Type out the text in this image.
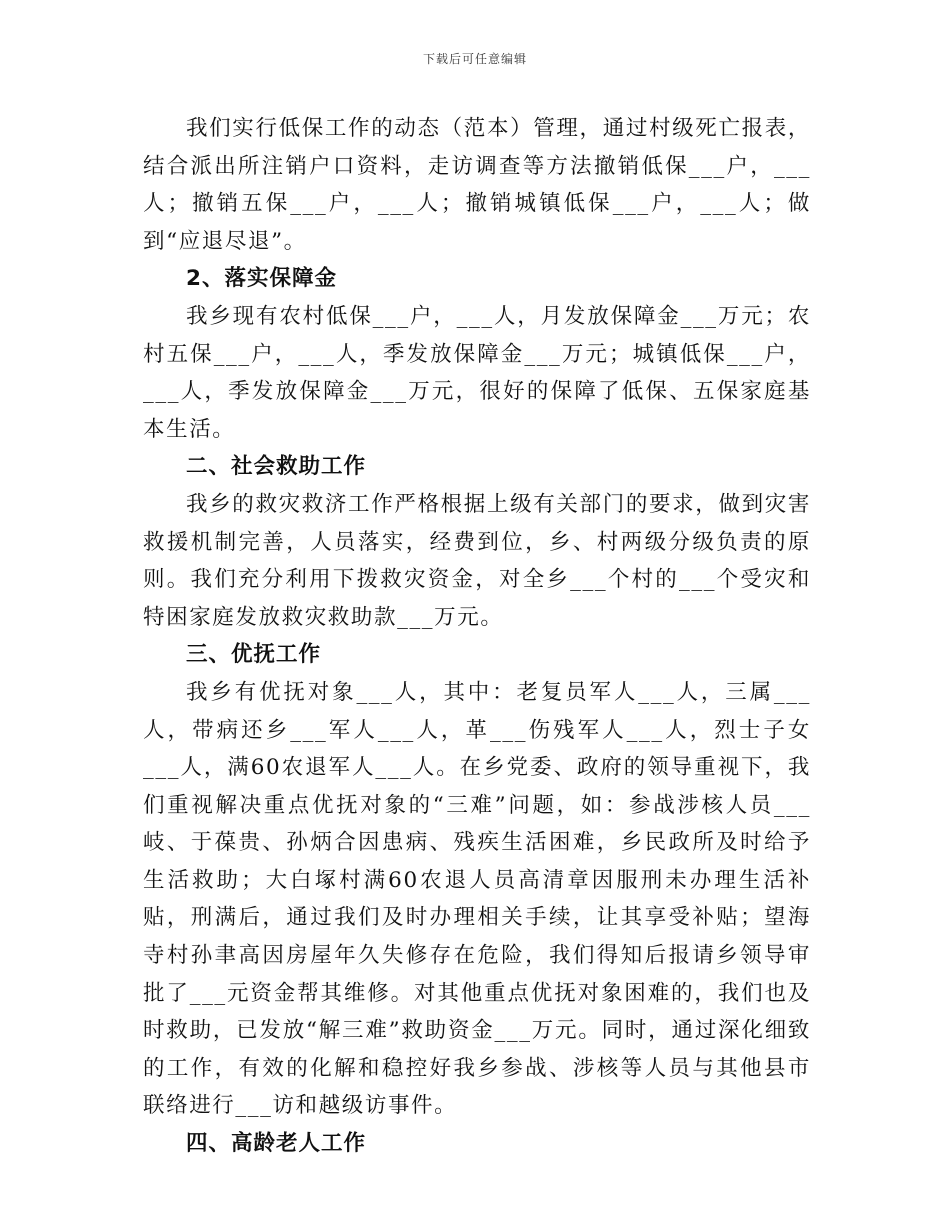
下载后可任意编辑

我们实行低保工作的动态（范本）管理，通过村级死亡报表，结合派出所注销户口资料，走访调查等方法撤销低保___户，___人；撤销五保___户，___人；撤销城镇低保___户，___人；做到“应退尽退”。

2、落实保障金

我乡现有农村低保___户，___人，月发放保障金___万元；农村五保___户，___人，季发放保障金___万元；城镇低保___户，___人，季发放保障金___万元，很好的保障了低保、五保家庭基本生活。

二、社会救助工作

我乡的救灾救济工作严格根据上级有关部门的要求，做到灾害救援机制完善，人员落实，经费到位，乡、村两级分级负责的原则。我们充分利用下拨救灾资金，对全乡___个村的___个受灾和特困家庭发放救灾救助款___万元。

三、优抚工作

我乡有优抚对象___人，其中：老复员军人___人，三属___人，带病还乡___军人___人，革___伤残军人___人，烈士子女___人，满60农退军人___人。在乡党委、政府的领导重视下，我们重视解决重点优抚对象的“三难”问题，如：参战涉核人员___岐、于葆贵、孙炳合因患病、残疾生活困难，乡民政所及时给予生活救助；大白塚村满60农退人员高清章因服刑未办理生活补贴，刑满后，通过我们及时办理相关手续，让其享受补贴；望海寺村孙聿高因房屋年久失修存在危险，我们得知后报请乡领导审批了___元资金帮其维修。对其他重点优抚对象困难的，我们也及时救助，已发放“解三难”救助资金___万元。同时，通过深化细致的工作，有效的化解和稳控好我乡参战、涉核等人员与其他县市联络进行___访和越级访事件。

四、高龄老人工作
